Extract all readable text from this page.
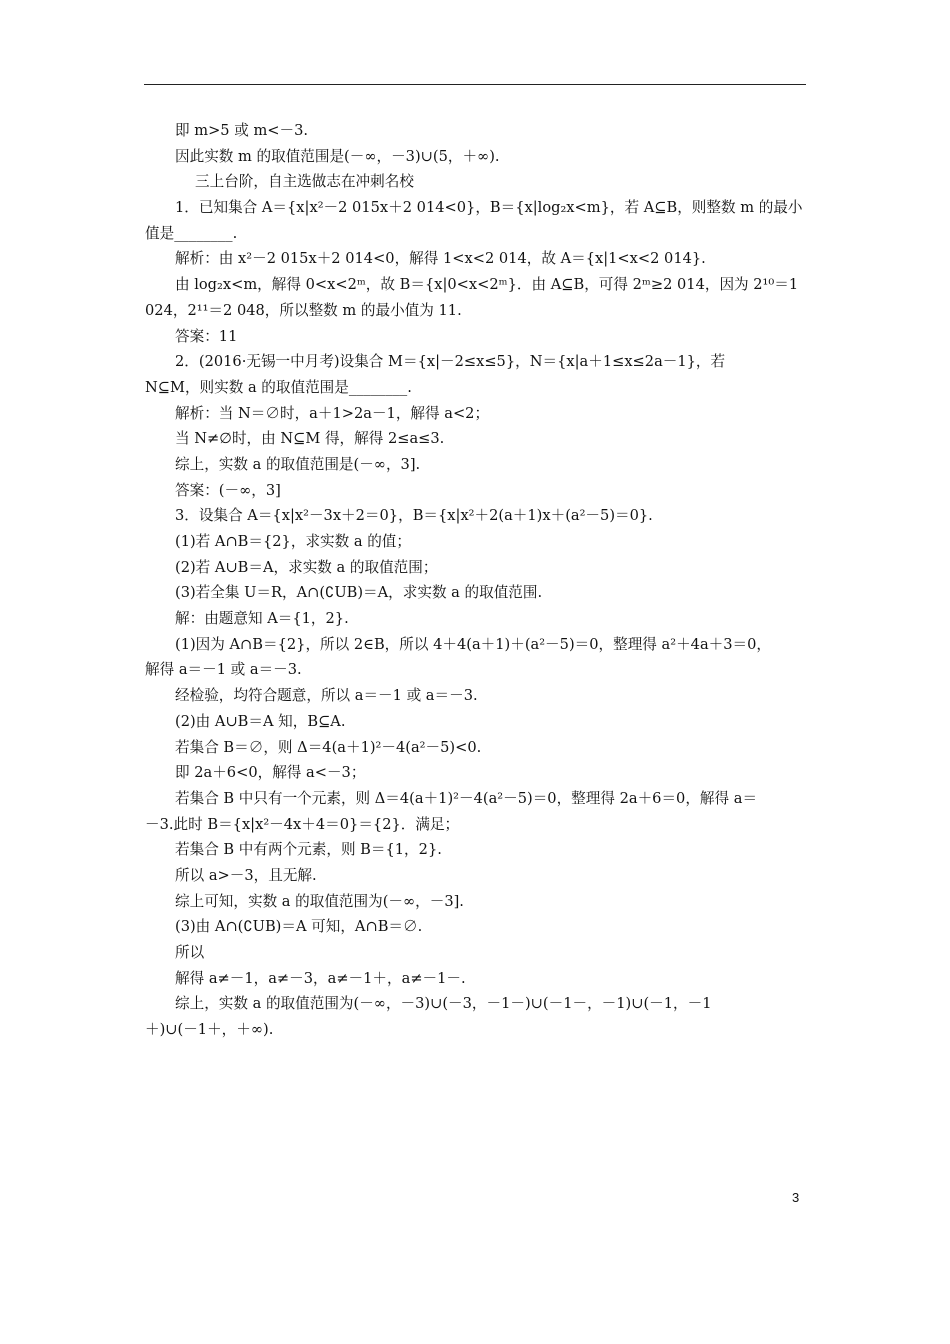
即 m>5 或 m<－3.
因此实数 m 的取值范围是(－∞，－3)∪(5，＋∞).
三上台阶，自主选做志在冲刺名校
1．已知集合 A＝{x|x²－2 015x＋2 014<0}，B＝{x|log₂x<m}，若 A⊆B，则整数 m 的最小
值是________.
解析：由 x²－2 015x＋2 014<0，解得 1<x<2 014，故 A＝{x|1<x<2 014}.
由 log₂x<m，解得 0<x<2ᵐ，故 B＝{x|0<x<2ᵐ}．由 A⊆B，可得 2ᵐ≥2 014，因为 2¹⁰＝1
024，2¹¹＝2 048，所以整数 m 的最小值为 11.
答案：11
2．(2016·无锡一中月考)设集合 M＝{x|－2≤x≤5}，N＝{x|a＋1≤x≤2a－1}，若
N⊆M，则实数 a 的取值范围是________.
解析：当 N＝∅时，a＋1>2a－1，解得 a<2；
当 N≠∅时，由 N⊆M 得，解得 2≤a≤3.
综上，实数 a 的取值范围是(－∞，3].
答案：(－∞，3]
3．设集合 A＝{x|x²－3x＋2＝0}，B＝{x|x²＋2(a＋1)x＋(a²－5)＝0}.
(1)若 A∩B＝{2}，求实数 a 的值；
(2)若 A∪B＝A，求实数 a 的取值范围；
(3)若全集 U＝R，A∩(∁UB)＝A，求实数 a 的取值范围.
解：由题意知 A＝{1，2}.
(1)因为 A∩B＝{2}，所以 2∈B，所以 4＋4(a＋1)＋(a²－5)＝0，整理得 a²＋4a＋3＝0，
解得 a＝－1 或 a＝－3.
经检验，均符合题意，所以 a＝－1 或 a＝－3.
(2)由 A∪B＝A 知，B⊆A.
若集合 B＝∅，则 Δ＝4(a＋1)²－4(a²－5)<0.
即 2a＋6<0，解得 a<－3；
若集合 B 中只有一个元素，则 Δ＝4(a＋1)²－4(a²－5)＝0，整理得 2a＋6＝0，解得 a＝
－3.此时 B＝{x|x²－4x＋4＝0}＝{2}．满足；
若集合 B 中有两个元素，则 B＝{1，2}.
所以 a>－3，且无解.
综上可知，实数 a 的取值范围为(－∞，－3].
(3)由 A∩(∁UB)＝A 可知，A∩B＝∅.
所以
解得 a≠－1，a≠－3，a≠－1＋，a≠－1－.
综上，实数 a 的取值范围为(－∞，－3)∪(－3，－1－)∪(－1－，－1)∪(－1，－1
＋)∪(－1＋，＋∞).
3
